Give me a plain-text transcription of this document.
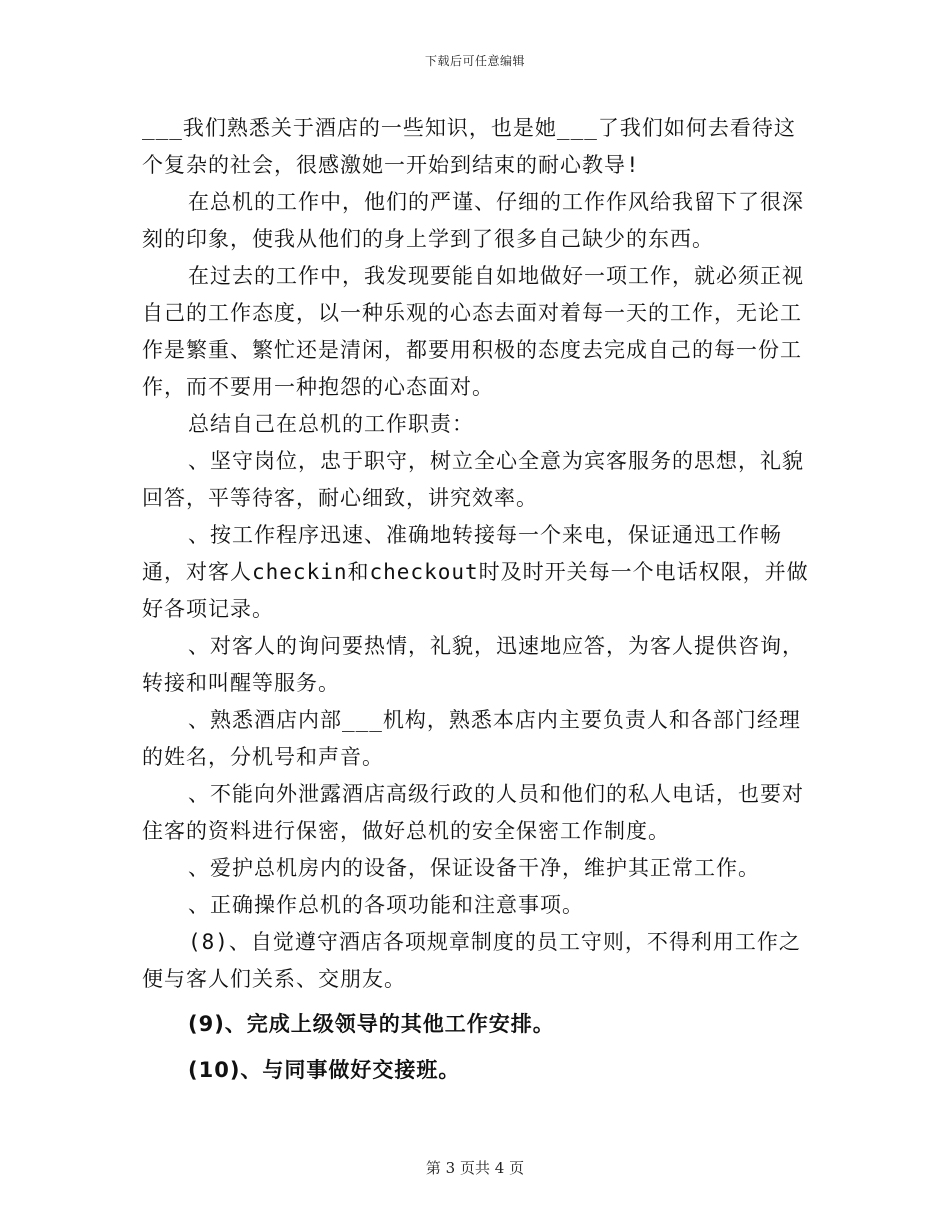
下载后可任意编辑

___我们熟悉关于酒店的一些知识，也是她___了我们如何去看待这个复杂的社会，很感激她一开始到结束的耐心教导!

在总机的工作中，他们的严谨、仔细的工作作风给我留下了很深刻的印象，使我从他们的身上学到了很多自己缺少的东西。

在过去的工作中，我发现要能自如地做好一项工作，就必须正视自己的工作态度，以一种乐观的心态去面对着每一天的工作，无论工作是繁重、繁忙还是清闲，都要用积极的态度去完成自己的每一份工作，而不要用一种抱怨的心态面对。

总结自己在总机的工作职责：

、坚守岗位，忠于职守，树立全心全意为宾客服务的思想，礼貌回答，平等待客，耐心细致，讲究效率。

、按工作程序迅速、准确地转接每一个来电，保证通迅工作畅通，对客人checkin和checkout时及时开关每一个电话权限，并做好各项记录。

、对客人的询问要热情，礼貌，迅速地应答，为客人提供咨询，转接和叫醒等服务。

、熟悉酒店内部___机构，熟悉本店内主要负责人和各部门经理的姓名，分机号和声音。

、不能向外泄露酒店高级行政的人员和他们的私人电话，也要对住客的资料进行保密，做好总机的安全保密工作制度。

、爱护总机房内的设备，保证设备干净，维护其正常工作。

、正确操作总机的各项功能和注意事项。

(8)、自觉遵守酒店各项规章制度的员工守则，不得利用工作之便与客人们关系、交朋友。

(9)、完成上级领导的其他工作安排。

(10)、与同事做好交接班。

第 3 页共 4 页
